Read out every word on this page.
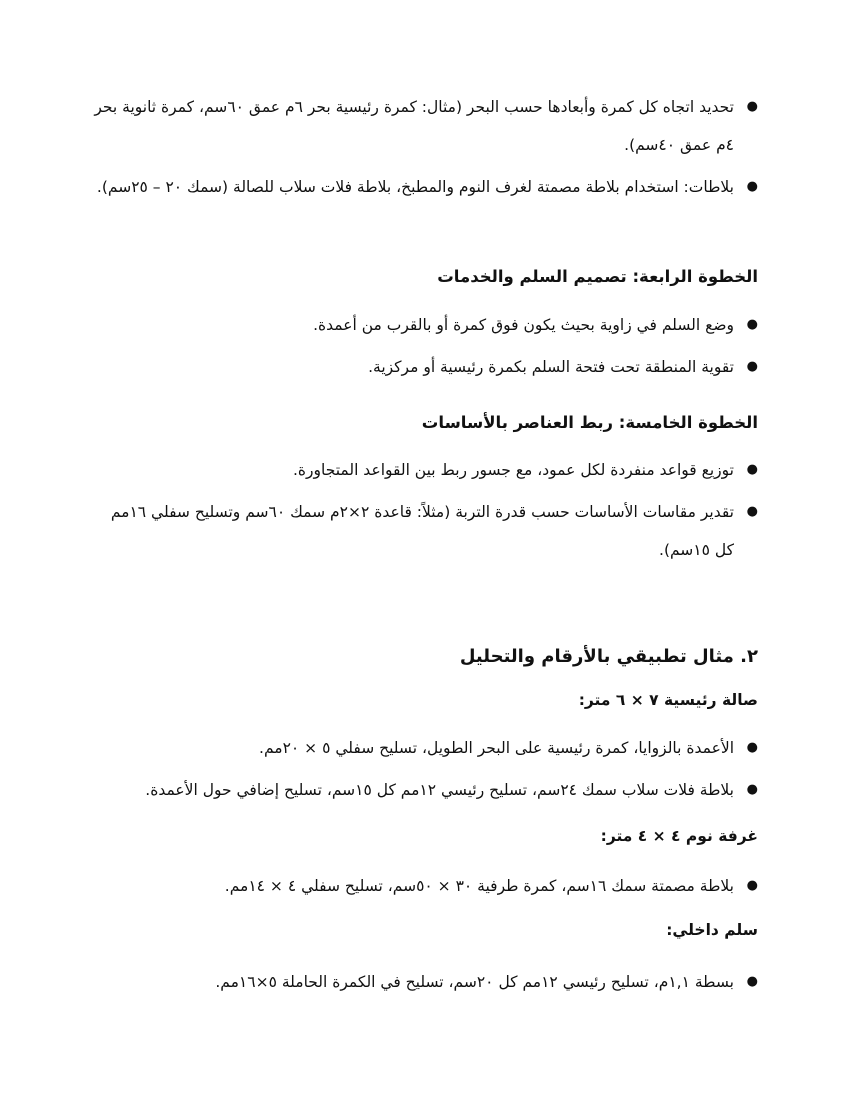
●
تحديد اتجاه كل كمرة وأبعادها حسب البحر (مثال: كمرة رئيسية بحر ٦م عمق ٦٠سم، كمرة ثانوية بحر ٤م عمق ٤٠سم).
●
بلاطات: استخدام بلاطة مصمتة لغرف النوم والمطبخ، بلاطة فلات سلاب للصالة (سمك ٢٠ – ٢٥سم).
الخطوة الرابعة: تصميم السلم والخدمات
●
وضع السلم في زاوية بحيث يكون فوق كمرة أو بالقرب من أعمدة.
●
تقوية المنطقة تحت فتحة السلم بكمرة رئيسية أو مركزية.
الخطوة الخامسة: ربط العناصر بالأساسات
●
توزيع قواعد منفردة لكل عمود، مع جسور ربط بين القواعد المتجاورة.
●
تقدير مقاسات الأساسات حسب قدرة التربة (مثلاً: قاعدة ٢×٢م سمك ٦٠سم وتسليح سفلي ١٦مم كل ١٥سم).
٢. مثال تطبيقي بالأرقام والتحليل
صالة رئيسية ٧ × ٦ متر:
●
الأعمدة بالزوايا، كمرة رئيسية على البحر الطويل، تسليح سفلي ٥ × ٢٠مم.
●
بلاطة فلات سلاب سمك ٢٤سم، تسليح رئيسي ١٢مم كل ١٥سم، تسليح إضافي حول الأعمدة.
غرفة نوم ٤ × ٤ متر:
●
بلاطة مصمتة سمك ١٦سم، كمرة طرفية ٣٠ × ٥٠سم، تسليح سفلي ٤ × ١٤مم.
سلم داخلي:
●
بسطة ١,١م، تسليح رئيسي ١٢مم كل ٢٠سم، تسليح في الكمرة الحاملة ٥×١٦مم.
